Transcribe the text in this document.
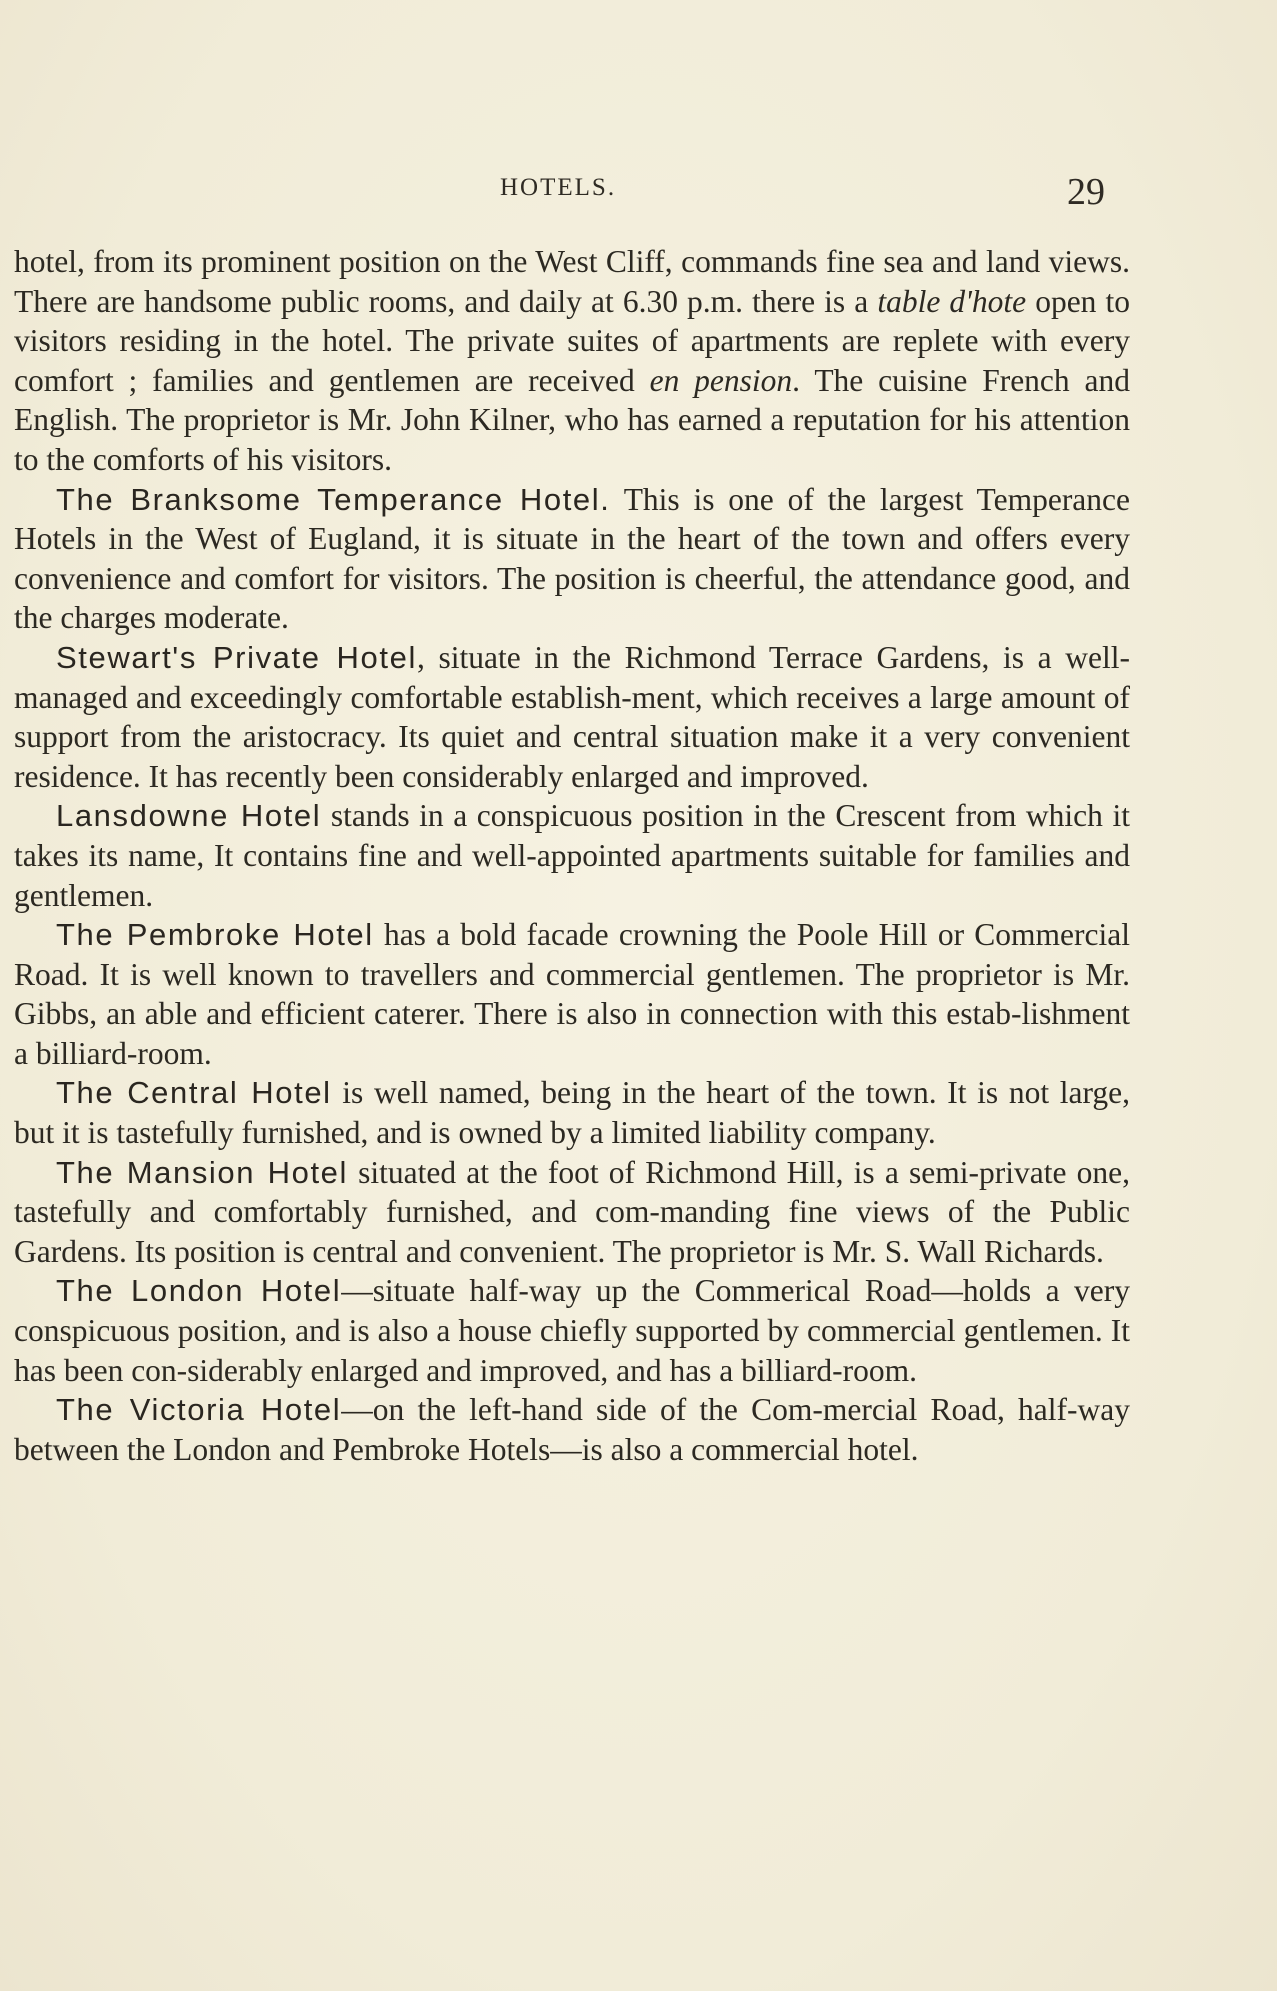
HOTELS.	29

hotel, from its prominent position on the West Cliff, commands fine sea and land views. There are handsome public rooms, and daily at 6.30 p.m. there is a table d'hote open to visitors residing in the hotel. The private suites of apartments are replete with every comfort ; families and gentlemen are received en pension. The cuisine French and English. The proprietor is Mr. John Kilner, who has earned a reputation for his attention to the comforts of his visitors.

The Branksome Temperance Hotel. This is one of the largest Temperance Hotels in the West of Eugland, it is situate in the heart of the town and offers every convenience and comfort for visitors. The position is cheerful, the attendance good, and the charges moderate.

Stewart's Private Hotel, situate in the Richmond Terrace Gardens, is a well-managed and exceedingly comfortable establish-ment, which receives a large amount of support from the aristocracy. Its quiet and central situation make it a very convenient residence. It has recently been considerably enlarged and improved.

Lansdowne Hotel stands in a conspicuous position in the Crescent from which it takes its name, It contains fine and well-appointed apartments suitable for families and gentlemen.

The Pembroke Hotel has a bold facade crowning the Poole Hill or Commercial Road. It is well known to travellers and commercial gentlemen. The proprietor is Mr. Gibbs, an able and efficient caterer. There is also in connection with this estab-lishment a billiard-room.

The Central Hotel is well named, being in the heart of the town. It is not large, but it is tastefully furnished, and is owned by a limited liability company.

The Mansion Hotel situated at the foot of Richmond Hill, is a semi-private one, tastefully and comfortably furnished, and com-manding fine views of the Public Gardens. Its position is central and convenient. The proprietor is Mr. S. Wall Richards.

The London Hotel—situate half-way up the Commerical Road—holds a very conspicuous position, and is also a house chiefly supported by commercial gentlemen. It has been con-siderably enlarged and improved, and has a billiard-room.

The Victoria Hotel—on the left-hand side of the Com-mercial Road, half-way between the London and Pembroke Hotels—is also a commercial hotel.
